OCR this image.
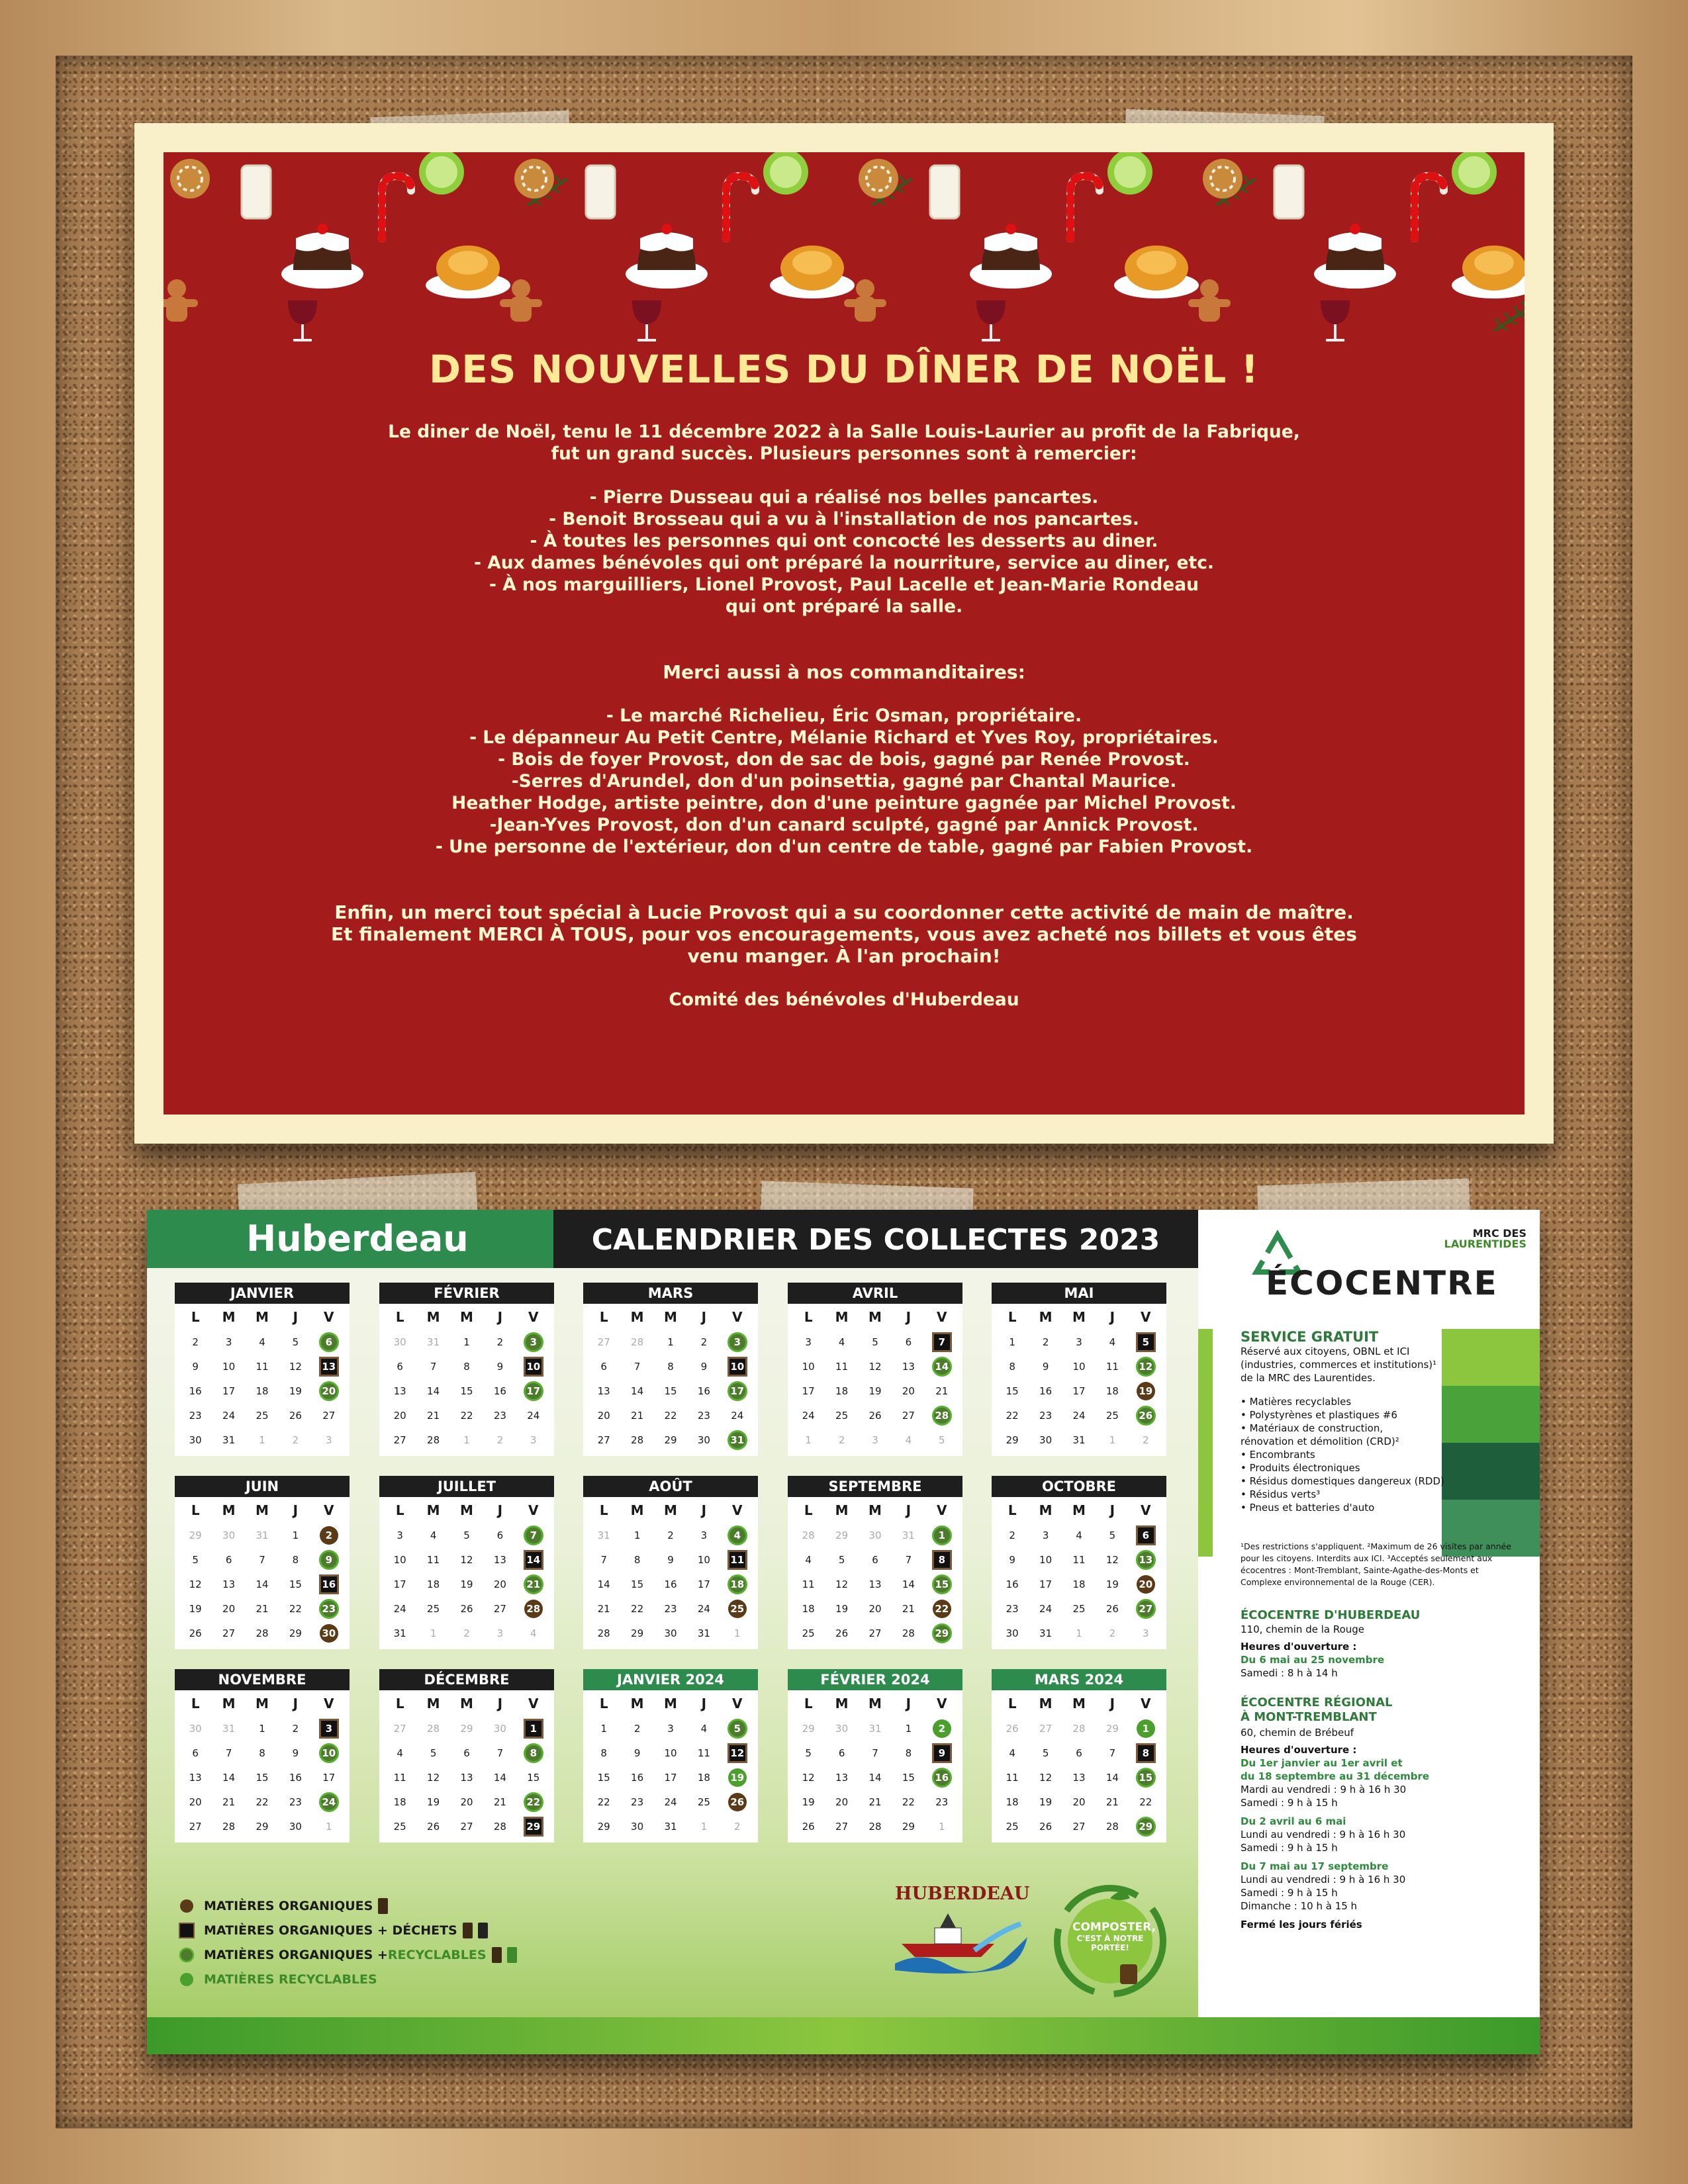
DES NOUVELLES DU DÎNER DE NOËL !

Le diner de Noël, tenu le 11 décembre 2022 à la Salle Louis-Laurier au profit de la Fabrique,

fut un grand succès. Plusieurs personnes sont à remercier:

- Pierre Dusseau qui a réalisé nos belles pancartes.

- Benoit Brosseau qui a vu à l'installation de nos pancartes.

- À toutes les personnes qui ont concocté les desserts au diner.

- Aux dames bénévoles qui ont préparé la nourriture, service au diner, etc.

- À nos marguilliers, Lionel Provost, Paul Lacelle et Jean-Marie Rondeau

qui ont préparé la salle.

Merci aussi à nos commanditaires:

- Le marché Richelieu, Éric Osman, propriétaire.

- Le dépanneur Au Petit Centre, Mélanie Richard et Yves Roy, propriétaires.

- Bois de foyer Provost, don de sac de bois, gagné par Renée Provost.

-Serres d'Arundel, don d'un poinsettia, gagné par Chantal Maurice.

Heather Hodge, artiste peintre, don d'une peinture gagnée par Michel Provost.

-Jean-Yves Provost, don d'un canard sculpté, gagné par Annick Provost.

- Une personne de l'extérieur, don d'un centre de table, gagné par Fabien Provost.

Enfin, un merci tout spécial à Lucie Provost qui a su coordonner cette activité de main de maître.

Et finalement MERCI À TOUS, pour vos encouragements, vous avez acheté nos billets et vous êtes

venu manger. À l'an prochain!

Comité des bénévoles d'Huberdeau

Huberdeau	CALENDRIER DES COLLECTES 2023
JANVIER
L	M	M	J	V
2	3	4	5	6
9	10 11 12	13
16 17 18 19	20
23 24 25 26 27
30 31	1	2	3
FÉVRIER
L	M	M	J	V
30 31	1	2	3
6	7	8	9	10
13 14 15 16	17
20 21 22 23 24
27 28	1	2	3
MARS
L	M	M	J	V
27 28	1	2	3
6	7	8	9	10
13 14 15 16	17
20 21 22 23 24
27 28 29 30	31
AVRIL
L	M	M	J	V
3	4	5	6	7
10 11 12 13	14
17 18 19 20 21
24 25 26 27	28
1	2	3	4	5
MAI
L	M	M	J	V
1	2	3	4	5
8	9	10 11	12
15 16 17 18 19
22 23 24 25	26
29 30 31	1	2
JUIN
L	M	M	J	V
29 30 31	1	2
5	6	7	8	9
12 13 14 15	16
19 20 21 22	23
26 27 28 29 30
JUILLET
L	M	M	J	V
3	4	5	6	7
10 11 12 13	14
17 18 19 20	21
24 25 26 27 28
31	1	2	3	4
AOÛT
L	M	M	J	V
31	1	2	3	4
7	8	9	10	11
14 15 16 17	18
21 22 23 24 25
28 29 30 31	1
SEPTEMBRE
L	M	M	J	V
28 29 30 31	1
4	5	6	7	8
11 12 13 14	15
18 19 20 21 22
25 26 27 28	29
OCTOBRE
L	M	M	J	V
2	3	4	5	6
9	10 11 12	13
16 17 18 19 20
23 24 25 26	27
30 31	1	2	3
NOVEMBRE
L	M	M	J	V
30 31	1	2	3
6	7	8	9	10
13 14 15 16 17
20 21 22 23	24
27 28 29 30	1
DÉCEMBRE
L	M	M	J	V
27 28 29 30	1
4	5	6	7	8
11 12 13 14 15
18 19 20 21	22
25 26 27 28	29
JANVIER 2024
L	M	M	J	V
1	2	3	4	5
8	9	10 11	12
15 16 17 18 19
22 23 24 25 26
29 30 31	1	2
FÉVRIER 2024
L	M	M	J	V
29 30 31	1	2
5	6	7	8	9
12 13 14 15	16
19 20 21 22 23
26 27 28 29	1
MARS 2024
L	M	M	J	V
26 27 28 29	1
4	5	6	7	8
11 12 13 14	15
18 19 20 21 22
25 26 27 28	29
MATIÈRES ORGANIQUES
MATIÈRES ORGANIQUES + DÉCHETS
MATIÈRES ORGANIQUES + RECYCLABLES
MATIÈRES RECYCLABLES
HUBERDEAU
COMPOSTER,
C'EST À NOTRE
PORTÉE!
MRC DES
LAURENTIDES
ÉCOCENTRE
SERVICE GRATUIT
Réservé aux citoyens, OBNL et ICI
(industries, commerces et institutions)¹
de la MRC des Laurentides.
• Matières recyclables
• Polystyrènes et plastiques #6
• Matériaux de construction,
rénovation et démolition (CRD)²
• Encombrants
• Produits électroniques
• Résidus domestiques dangereux (RDD)
• Résidus verts³
• Pneus et batteries d'auto
¹Des restrictions s'appliquent. ²Maximum de 26 visites par année
pour les citoyens. Interdits aux ICI. ³Acceptés seulement aux
écocentres : Mont-Tremblant, Sainte-Agathe-des-Monts et
Complexe environnemental de la Rouge (CER).
ÉCOCENTRE D'HUBERDEAU
110, chemin de la Rouge
Heures d'ouverture :
Du 6 mai au 25 novembre
Samedi : 8 h à 14 h
ÉCOCENTRE RÉGIONAL
À MONT-TREMBLANT
60, chemin de Brébeuf
Heures d'ouverture :
Du 1er janvier au 1er avril et
du 18 septembre au 31 décembre
Mardi au vendredi : 9 h à 16 h 30
Samedi : 9 h à 15 h
Du 2 avril au 6 mai
Lundi au vendredi : 9 h à 16 h 30
Samedi : 9 h à 15 h
Du 7 mai au 17 septembre
Lundi au vendredi : 9 h à 16 h 30
Samedi : 9 h à 15 h
Dimanche : 10 h à 15 h
Fermé les jours fériés
